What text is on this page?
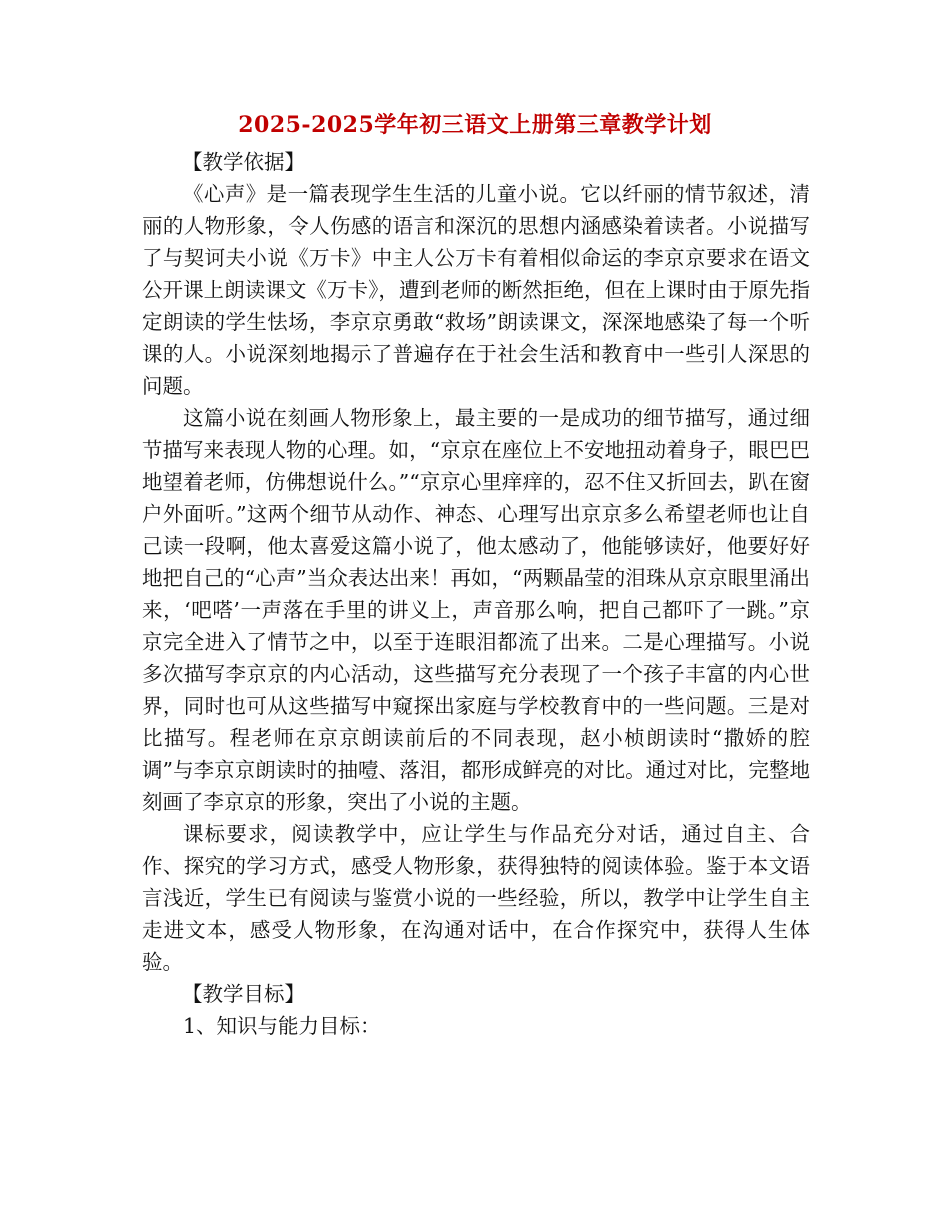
2025-2025学年初三语文上册第三章教学计划

【教学依据】

《心声》是一篇表现学生生活的儿童小说。它以纤丽的情节叙述，清丽的人物形象，令人伤感的语言和深沉的思想内涵感染着读者。小说描写了与契诃夫小说《万卡》中主人公万卡有着相似命运的李京京要求在语文公开课上朗读课文《万卡》，遭到老师的断然拒绝，但在上课时由于原先指定朗读的学生怯场，李京京勇敢“救场”朗读课文，深深地感染了每一个听课的人。小说深刻地揭示了普遍存在于社会生活和教育中一些引人深思的问题。

这篇小说在刻画人物形象上，最主要的一是成功的细节描写，通过细节描写来表现人物的心理。如，“京京在座位上不安地扭动着身子，眼巴巴地望着老师，仿佛想说什么。”“京京心里痒痒的，忍不住又折回去，趴在窗户外面听。”这两个细节从动作、神态、心理写出京京多么希望老师也让自己读一段啊，他太喜爱这篇小说了，他太感动了，他能够读好，他要好好地把自己的“心声”当众表达出来！再如，“两颗晶莹的泪珠从京京眼里涌出来，‘吧嗒’一声落在手里的讲义上，声音那么响，把自己都吓了一跳。”京京完全进入了情节之中，以至于连眼泪都流了出来。二是心理描写。小说多次描写李京京的内心活动，这些描写充分表现了一个孩子丰富的内心世界，同时也可从这些描写中窥探出家庭与学校教育中的一些问题。三是对比描写。程老师在京京朗读前后的不同表现，赵小桢朗读时“撒娇的腔调”与李京京朗读时的抽噎、落泪，都形成鲜亮的对比。通过对比，完整地刻画了李京京的形象，突出了小说的主题。

课标要求，阅读教学中，应让学生与作品充分对话，通过自主、合作、探究的学习方式，感受人物形象，获得独特的阅读体验。鉴于本文语言浅近，学生已有阅读与鉴赏小说的一些经验，所以，教学中让学生自主走进文本，感受人物形象，在沟通对话中，在合作探究中，获得人生体验。

【教学目标】

1、知识与能力目标：
